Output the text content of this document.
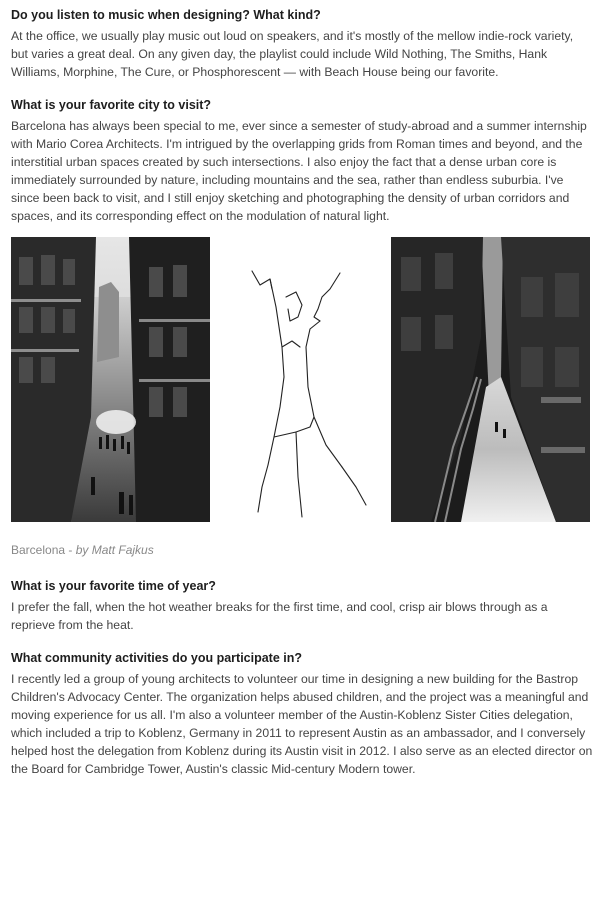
Do you listen to music when designing? What kind?
At the office, we usually play music out loud on speakers, and it's mostly of the mellow indie-rock variety, but varies a great deal. On any given day, the playlist could include Wild Nothing, The Smiths, Hank Williams, Morphine, The Cure, or Phosphorescent — with Beach House being our favorite.
What is your favorite city to visit?
Barcelona has always been special to me, ever since a semester of study-abroad and a summer internship with Mario Corea Architects. I'm intrigued by the overlapping grids from Roman times and beyond, and the interstitial urban spaces created by such intersections. I also enjoy the fact that a dense urban core is immediately surrounded by nature, including mountains and the sea, rather than endless suburbia. I've since been back to visit, and I still enjoy sketching and photographing the density of urban corridors and spaces, and its corresponding effect on the modulation of natural light.
Barcelona - by Matt Fajkus
What is your favorite time of year?
I prefer the fall, when the hot weather breaks for the first time, and cool, crisp air blows through as a reprieve from the heat.
What community activities do you participate in?
I recently led a group of young architects to volunteer our time in designing a new building for the Bastrop Children's Advocacy Center. The organization helps abused children, and the project was a meaningful and moving experience for us all. I'm also a volunteer member of the Austin-Koblenz Sister Cities delegation, which included a trip to Koblenz, Germany in 2011 to represent Austin as an ambassador, and I conversely helped host the delegation from Koblenz during its Austin visit in 2012. I also serve as an elected director on the Board for Cambridge Tower, Austin's classic Mid-century Modern tower.
